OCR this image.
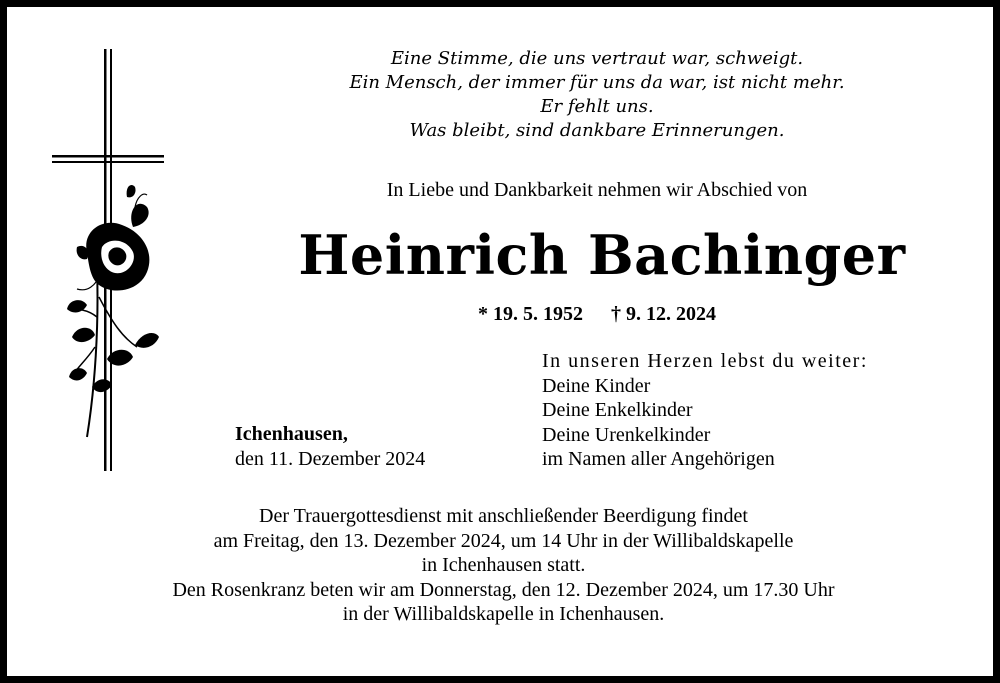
Eine Stimme, die uns vertraut war, schweigt.
Ein Mensch, der immer für uns da war, ist nicht mehr.
Er fehlt uns.
Was bleibt, sind dankbare Erinnerungen.
In Liebe und Dankbarkeit nehmen wir Abschied von
Heinrich Bachinger
* 19. 5. 1952 † 9. 12. 2024
In unseren Herzen lebst du weiter:
Deine Kinder
Deine Enkelkinder
Deine Urenkelkinder
im Namen aller Angehörigen
Ichenhausen,
den 11. Dezember 2024
Der Trauergottesdienst mit anschließender Beerdigung findet
am Freitag, den 13. Dezember 2024, um 14 Uhr in der Willibaldskapelle
in Ichenhausen statt.
Den Rosenkranz beten wir am Donnerstag, den 12. Dezember 2024, um 17.30 Uhr
in der Willibaldskapelle in Ichenhausen.
